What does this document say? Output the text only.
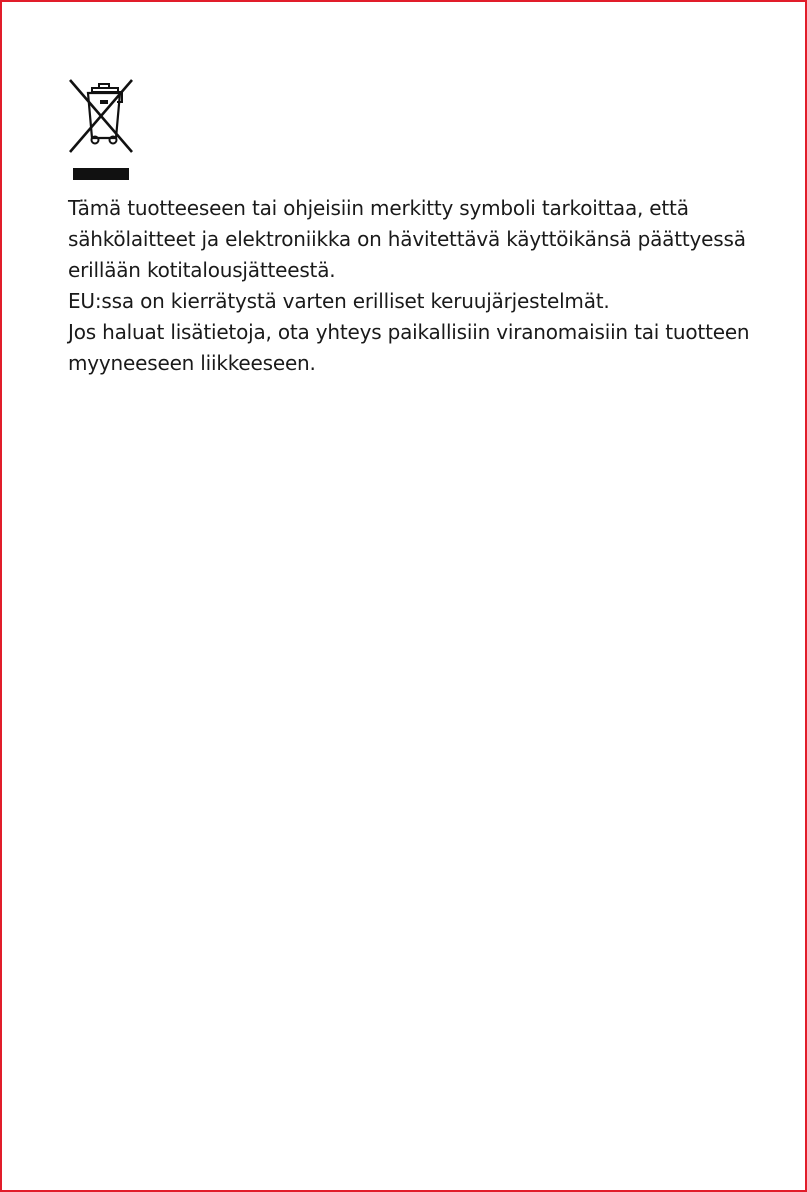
Tämä tuotteeseen tai ohjeisiin merkitty symboli tarkoittaa, että
sähkölaitteet ja elektroniikka on hävitettävä käyttöikänsä päättyessä
erillään kotitalousjätteestä.
EU:ssa on kierrätystä varten erilliset keruujärjestelmät.
Jos haluat lisätietoja, ota yhteys paikallisiin viranomaisiin tai tuotteen
myyneeseen liikkeeseen.
